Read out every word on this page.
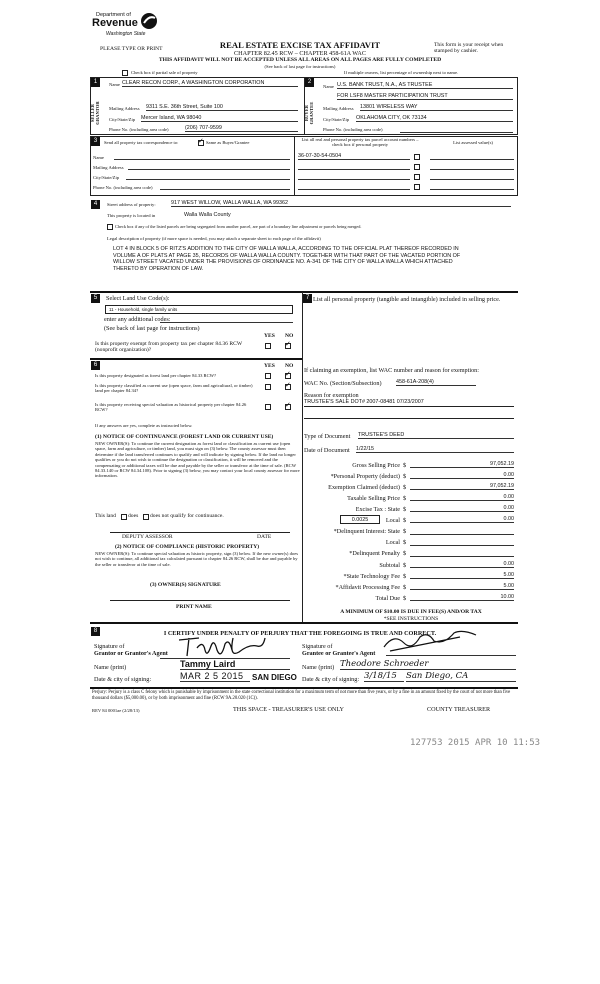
Department of
Revenue
Washington State
PLEASE TYPE OR PRINT	REAL ESTATE EXCISE TAX AFFIDAVIT
CHAPTER 82.45 RCW – CHAPTER 458-61A WAC
THIS AFFIDAVIT WILL NOT BE ACCEPTED UNLESS ALL AREAS ON ALL PAGES ARE FULLY COMPLETED
(See back of last page for instructions)
This form is your receipt when stamped by cashier.
Check box if partial sale of property	If multiple owners, list percentage of ownership next to name.
1	2
SELLER GRANTOR	BUYER GRANTEE
Name CLEAR RECON CORP., A WASHINGTON CORPORATION
Mailing Address 9311 S.E. 36th Street, Suite 100
City/State/Zip Mercer Island, WA 98040
Phone No. (including area code)	(206) 707-9599
Name U.S. BANK TRUST, N.A., AS TRUSTEE
FOR LSF8 MASTER PARTICIPATION TRUST
Mailing Address 13801 WIRELESS WAY
City/State/Zip OKLAHOMA CITY, OK 73134
Phone No. (including area code)
3	Send all property tax correspondence to:
✓	Same as Buyer/Grantee
Name
Mailing Address
City/State/Zip
Phone No. (including area code)
List all real and personal property tax parcel account numbers – check box if personal property	List assessed value(s)
36-07-30-54-0504
4	Street address of property:	917 WEST WILLOW, WALLA WALLA, WA 99362
This property is located in	Walla Walla County
Check box if any of the listed parcels are being segregated from another parcel, are part of a boundary line adjustment or parcels being merged.
Legal description of property (if more space is needed, you may attach a separate sheet to each page of the affidavit)
LOT 4 IN BLOCK 5 OF RITZ'S ADDITION TO THE CITY OF WALLA WALLA, ACCORDING TO THE OFFICIAL PLAT THEREOF RECORDED IN VOLUME A OF PLATS AT PAGE 35, RECORDS OF WALLA WALLA COUNTY. TOGETHER WITH THAT PART OF THE VACATED PORTION OF WILLOW STREET VACATED UNDER THE PROVISIONS OF ORDINANCE NO. A-341 OF THE CITY OF WALLA WALLA WHICH ATTACHED THERETO BY OPERATION OF LAW.
5	Select Land Use Code(s):
11 - Household, single family units
enter any additional codes:
(See back of last page for instructions)
YES NO
Is this property exempt from property tax per chapter 84.36 RCW (nonprofit organization)?
✓
6	YES NO
Is this property designated as forest land per chapter 84.33 RCW?
✓
Is this property classified as current use (open space, farm and agricultural, or timber) land per chapter 84.34?
✓
Is this property receiving special valuation as historical property per chapter 84.26 RCW?
✓
If any answers are yes, complete as instructed below.
(1) NOTICE OF CONTINUANCE (FOREST LAND OR CURRENT USE)
NEW OWNER(S): To continue the current designation as forest land or classification as current use (open space, farm and agriculture, or timber) land, you must sign on (3) below. The county assessor must then determine if the land transferred continues to qualify and will indicate by signing below. If the land no longer qualifies or you do not wish to continue the designation or classification, it will be removed and the compensating or additional taxes will be due and payable by the seller or transferor at the time of sale. (RCW 84.33.140 or RCW 84.34.108). Prior to signing (3) below, you may contact your local county assessor for more information.
This land does does not qualify for continuance.
DEPUTY ASSESSOR	DATE
(2) NOTICE OF COMPLIANCE (HISTORIC PROPERTY)
NEW OWNER(S): To continue special valuation as historic property, sign (3) below. If the new owner(s) does not wish to continue, all additional tax calculated pursuant to chapter 84.26 RCW, shall be due and payable by the seller or transferor at the time of sale.
(3) OWNER(S) SIGNATURE
PRINT NAME
7 List all personal property (tangible and intangible) included in selling price.
If claiming an exemption, list WAC number and reason for exemption:
WAC No. (Section/Subsection)	458-61A-208(4)
Reason for exemption
TRUSTEE'S SALE DOT# 2007-08481 07/23/2007
Type of Document TRUSTEE'S DEED
Date of Document 1/22/15
Gross Selling Price $	97,052.19
*Personal Property (deduct) $	0.00
Exemption Claimed (deduct) $	97,052.19
Taxable Selling Price $	0.00
Excise Tax : State $	0.00
0.0025	Local $	0.00
*Delinquent Interest: State $
Local $
*Delinquent Penalty $
Subtotal $	0.00
*State Technology Fee $	5.00
*Affidavit Processing Fee $	5.00
Total Due $	10.00
A MINIMUM OF $10.00 IS DUE IN FEE(S) AND/OR TAX
*SEE INSTRUCTIONS
8	I CERTIFY UNDER PENALTY OF PERJURY THAT THE FOREGOING IS TRUE AND CORRECT.
Signature of
Grantor or Grantor's Agent
Name (print)	Tammy Laird
Date & city of signing:	MAR 2 5 2015	SAN DIEGO
Signature of
Grantee or Grantee's Agent
Name (print) Theodore Schroeder
Date & city of signing: 3/18/15	San Diego, CA
Perjury: Perjury is a class C felony which is punishable by imprisonment in the state correctional institution for a maximum term of not more than five years, or by a fine in an amount fixed by the court of not more than five thousand dollars ($5,000.00), or by both imprisonment and fine (RCW 9A.20.020 (1C)).
REV 84 0001ae (2/28/13)	THIS SPACE - TREASURER'S USE ONLY	COUNTY TREASURER
127753 2015 APR 10 11:53
